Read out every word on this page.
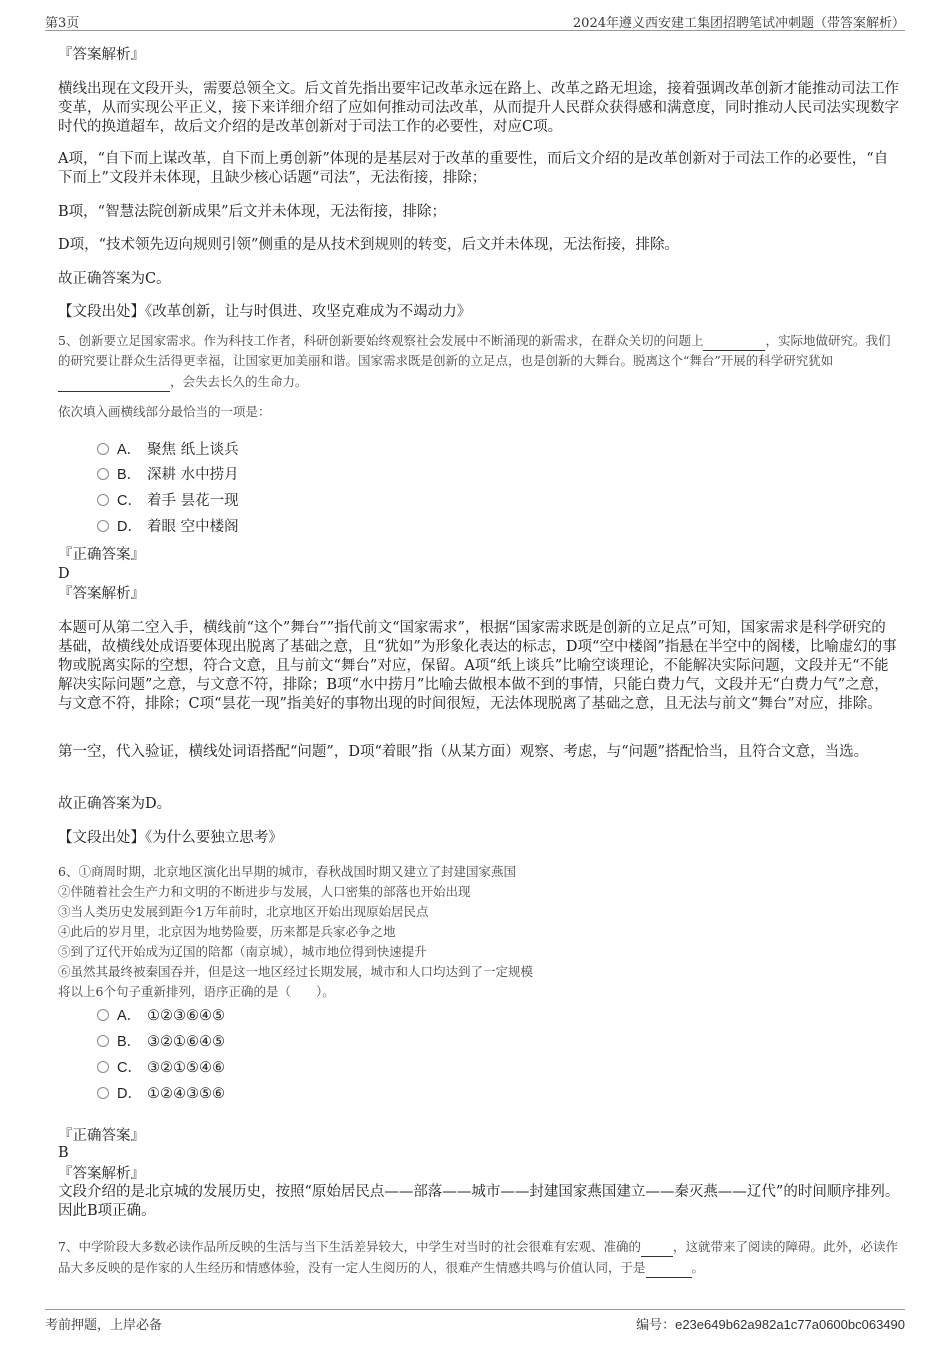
第3页	2024年遵义西安建工集团招聘笔试冲刺题（带答案解析）
『答案解析』
横线出现在文段开头，需要总领全文。后文首先指出要牢记改革永远在路上、改革之路无坦途，接着强调改革创新才能推动司法工作变革，从而实现公平正义，接下来详细介绍了应如何推动司法改革，从而提升人民群众获得感和满意度，同时推动人民司法实现数字时代的换道超车，故后文介绍的是改革创新对于司法工作的必要性，对应C项。
A项，“自下而上谋改革，自下而上勇创新”体现的是基层对于改革的重要性，而后文介绍的是改革创新对于司法工作的必要性，“自下而上”文段并未体现，且缺少核心话题“司法”，无法衔接，排除；
B项，“智慧法院创新成果”后文并未体现，无法衔接，排除；
D项，“技术领先迈向规则引领”侧重的是从技术到规则的转变，后文并未体现，无法衔接，排除。
故正确答案为C。
【文段出处】《改革创新，让与时俱进、攻坚克难成为不竭动力》
5、创新要立足国家需求。作为科技工作者，科研创新要始终观察社会发展中不断涌现的新需求，在群众关切的问题上	，实际地做研究。我们的研究要让群众生活得更幸福，让国家更加美丽和谐。国家需求既是创新的立足点，也是创新的大舞台。脱离这个“舞台”开展的科学研究犹如 ，会失去长久的生命力。
依次填入画横线部分最恰当的一项是：
A． 聚焦 纸上谈兵
B． 深耕 水中捞月
C． 着手 昙花一现
D． 着眼 空中楼阁
『正确答案』
D
『答案解析』
本题可从第二空入手，横线前“这个”舞台””指代前文“国家需求”，根据“国家需求既是创新的立足点”可知，国家需求是科学研究的基础，故横线处成语要体现出脱离了基础之意，且“犹如”为形象化表达的标志，D项“空中楼阁”指悬在半空中的阁楼，比喻虚幻的事物或脱离实际的空想，符合文意，且与前文“舞台”对应，保留。A项“纸上谈兵”比喻空谈理论，不能解决实际问题，文段并无“不能解决实际问题”之意，与文意不符，排除；B项“水中捞月”比喻去做根本做不到的事情，只能白费力气，文段并无“白费力气”之意，与文意不符，排除；C项“昙花一现”指美好的事物出现的时间很短，无法体现脱离了基础之意，且无法与前文“舞台”对应，排除。
第一空，代入验证，横线处词语搭配“问题”，D项“着眼”指（从某方面）观察、考虑，与“问题”搭配恰当，且符合文意，当选。
故正确答案为D。
【文段出处】《为什么要独立思考》
6、①商周时期，北京地区演化出早期的城市，春秋战国时期又建立了封建国家燕国
②伴随着社会生产力和文明的不断进步与发展，人口密集的部落也开始出现
③当人类历史发展到距今1万年前时，北京地区开始出现原始居民点
④此后的岁月里，北京因为地势险要，历来都是兵家必争之地
⑤到了辽代开始成为辽国的陪都（南京城），城市地位得到快速提升
⑥虽然其最终被秦国吞并，但是这一地区经过长期发展，城市和人口均达到了一定规模
将以上6个句子重新排列，语序正确的是（　　）。
A． ①②③⑥④⑤
B． ③②①⑥④⑤
C． ③②①⑤④⑥
D． ①②④③⑤⑥
『正确答案』
B
『答案解析』
文段介绍的是北京城的发展历史，按照“原始居民点——部落——城市——封建国家燕国建立——秦灭燕——辽代”的时间顺序排列。因此B项正确。
7、中学阶段大多数必读作品所反映的生活与当下生活差异较大，中学生对当时的社会很难有宏观、准确的	，这就带来了阅读的障碍。此外，必读作品大多反映的是作家的人生经历和情感体验，没有一定人生阅历的人，很难产生情感共鸣与价值认同，于是	。
考前押题，上岸必备	编号：e23e649b62a982a1c77a0600bc063490
